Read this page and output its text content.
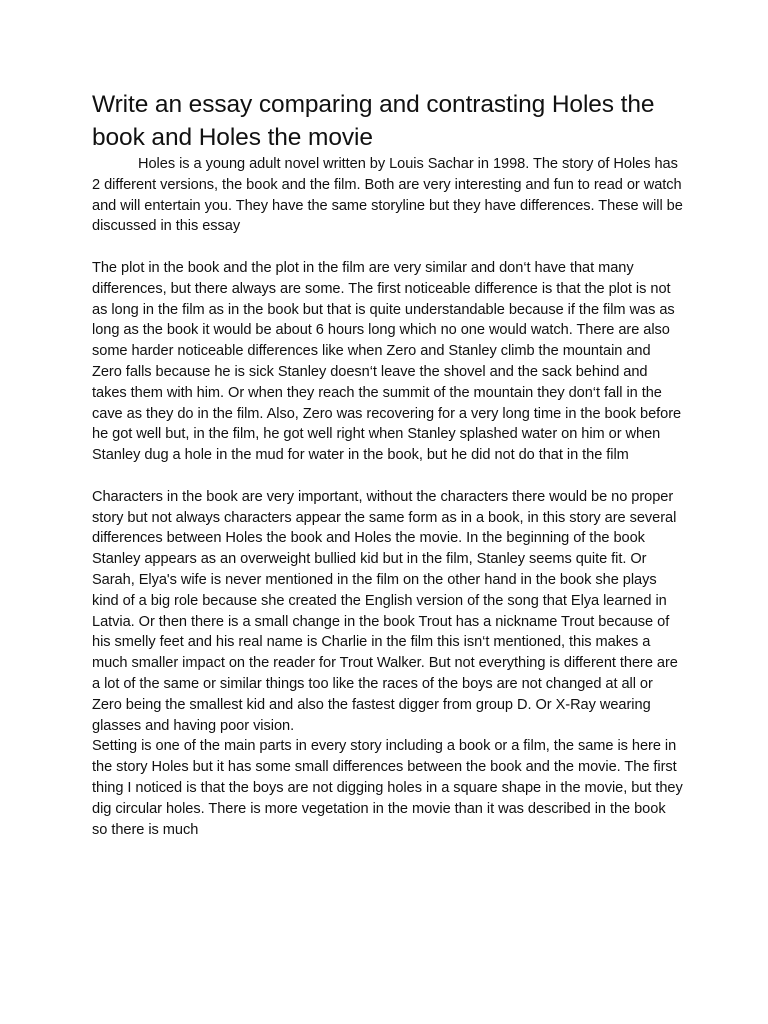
Write an essay comparing and contrasting Holes the book and Holes the movie

Holes is a young adult novel written by Louis Sachar in 1998. The story of Holes has 2 different versions, the book and the film. Both are very interesting and fun to read or watch and will entertain you. They have the same storyline but they have differences. These will be discussed in this essay

The plot in the book and the plot in the film are very similar and don‘t have that many differences, but there always are some. The first noticeable difference is that the plot is not as long in the film as in the book but that is quite understandable because if the film was as long as the book it would be about 6 hours long which no one would watch. There are also some harder noticeable differences like when Zero and Stanley climb the mountain and Zero falls because he is sick Stanley doesn‘t leave the shovel and the sack behind and takes them with him. Or when they reach the summit of the mountain they don‘t fall in the cave as they do in the film. Also, Zero was recovering for a very long time in the book before he got well but, in the film, he got well right when Stanley splashed water on him or when Stanley dug a hole in the mud for water in the book, but he did not do that in the film

Characters in the book are very important, without the characters there would be no proper story but not always characters appear the same form as in a book, in this story are several differences between Holes the book and Holes the movie. In the beginning of the book Stanley appears as an overweight bullied kid but in the film, Stanley seems quite fit. Or Sarah, Elya's wife is never mentioned in the film on the other hand in the book she plays kind of a big role because she created the English version of the song that Elya learned in Latvia. Or then there is a small change in the book Trout has a nickname Trout because of his smelly feet and his real name is Charlie in the film this isn‘t mentioned, this makes a much smaller impact on the reader for Trout Walker. But not everything is different there are a lot of the same or similar things too like the races of the boys are not changed at all or Zero being the smallest kid and also the fastest digger from group D. Or X-Ray wearing glasses and having poor vision.

Setting is one of the main parts in every story including a book or a film, the same is here in the story Holes but it has some small differences between the book and the movie. The first thing I noticed is that the boys are not digging holes in a square shape in the movie, but they dig circular holes. There is more vegetation in the movie than it was described in the book so there is much
